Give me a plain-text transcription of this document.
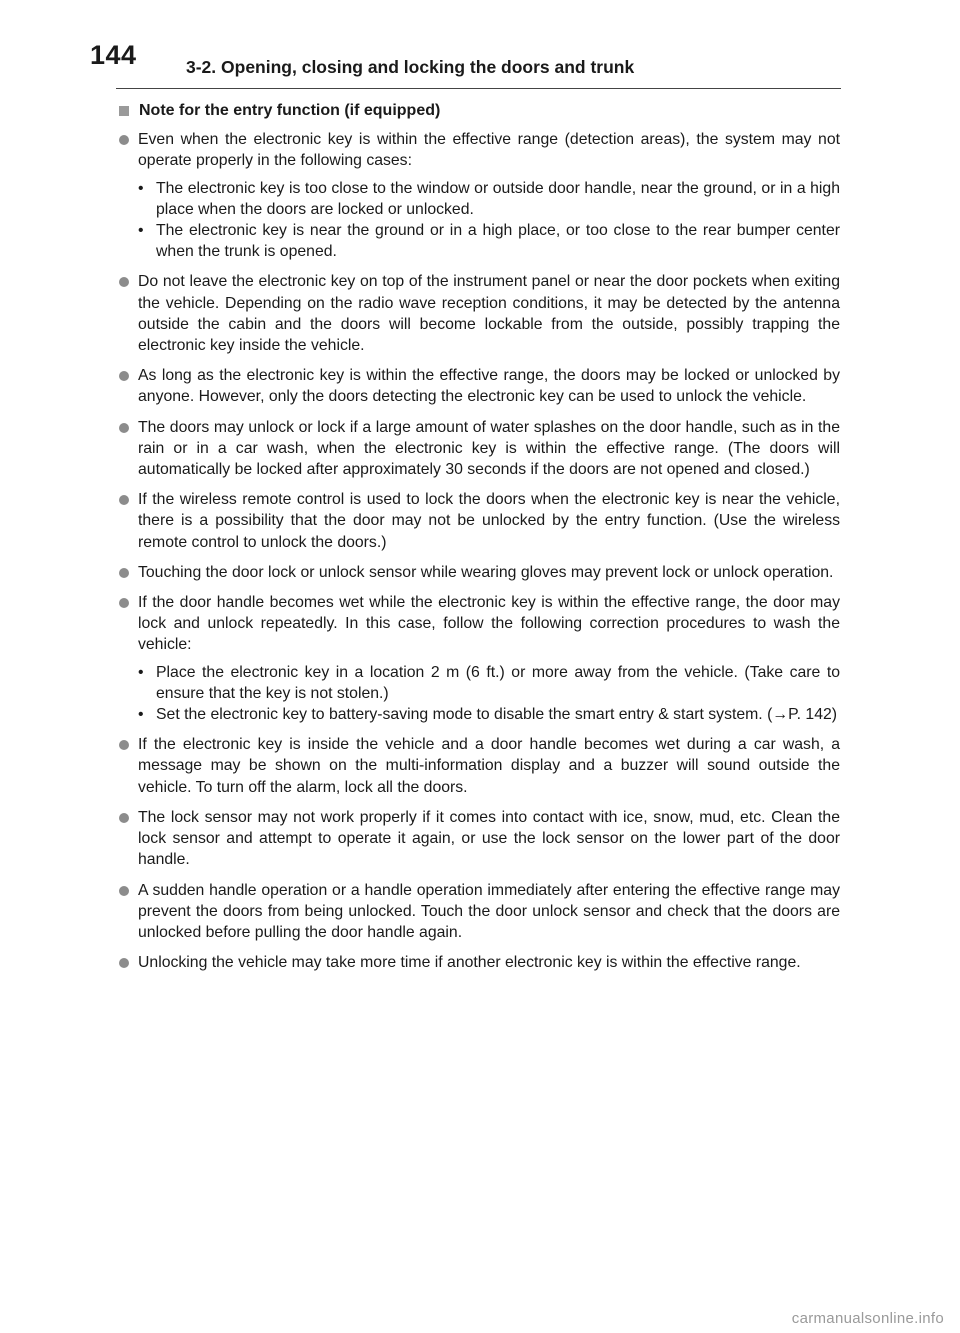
144	3-2. Opening, closing and locking the doors and trunk
Note for the entry function (if equipped)
Even when the electronic key is within the effective range (detection areas), the system may not operate properly in the following cases:
• The electronic key is too close to the window or outside door handle, near the ground, or in a high place when the doors are locked or unlocked.
• The electronic key is near the ground or in a high place, or too close to the rear bumper center when the trunk is opened.
Do not leave the electronic key on top of the instrument panel or near the door pockets when exiting the vehicle. Depending on the radio wave reception conditions, it may be detected by the antenna outside the cabin and the doors will become lockable from the outside, possibly trapping the electronic key inside the vehicle.
As long as the electronic key is within the effective range, the doors may be locked or unlocked by anyone. However, only the doors detecting the electronic key can be used to unlock the vehicle.
The doors may unlock or lock if a large amount of water splashes on the door handle, such as in the rain or in a car wash, when the electronic key is within the effective range. (The doors will automatically be locked after approximately 30 seconds if the doors are not opened and closed.)
If the wireless remote control is used to lock the doors when the electronic key is near the vehicle, there is a possibility that the door may not be unlocked by the entry function. (Use the wireless remote control to unlock the doors.)
Touching the door lock or unlock sensor while wearing gloves may prevent lock or unlock operation.
If the door handle becomes wet while the electronic key is within the effective range, the door may lock and unlock repeatedly. In this case, follow the following correction procedures to wash the vehicle:
• Place the electronic key in a location 2 m (6 ft.) or more away from the vehicle. (Take care to ensure that the key is not stolen.)
• Set the electronic key to battery-saving mode to disable the smart entry & start system. (→P. 142)
If the electronic key is inside the vehicle and a door handle becomes wet during a car wash, a message may be shown on the multi-information display and a buzzer will sound outside the vehicle. To turn off the alarm, lock all the doors.
The lock sensor may not work properly if it comes into contact with ice, snow, mud, etc. Clean the lock sensor and attempt to operate it again, or use the lock sensor on the lower part of the door handle.
A sudden handle operation or a handle operation immediately after entering the effective range may prevent the doors from being unlocked. Touch the door unlock sensor and check that the doors are unlocked before pulling the door handle again.
Unlocking the vehicle may take more time if another electronic key is within the effective range.
carmanualsonline.info
